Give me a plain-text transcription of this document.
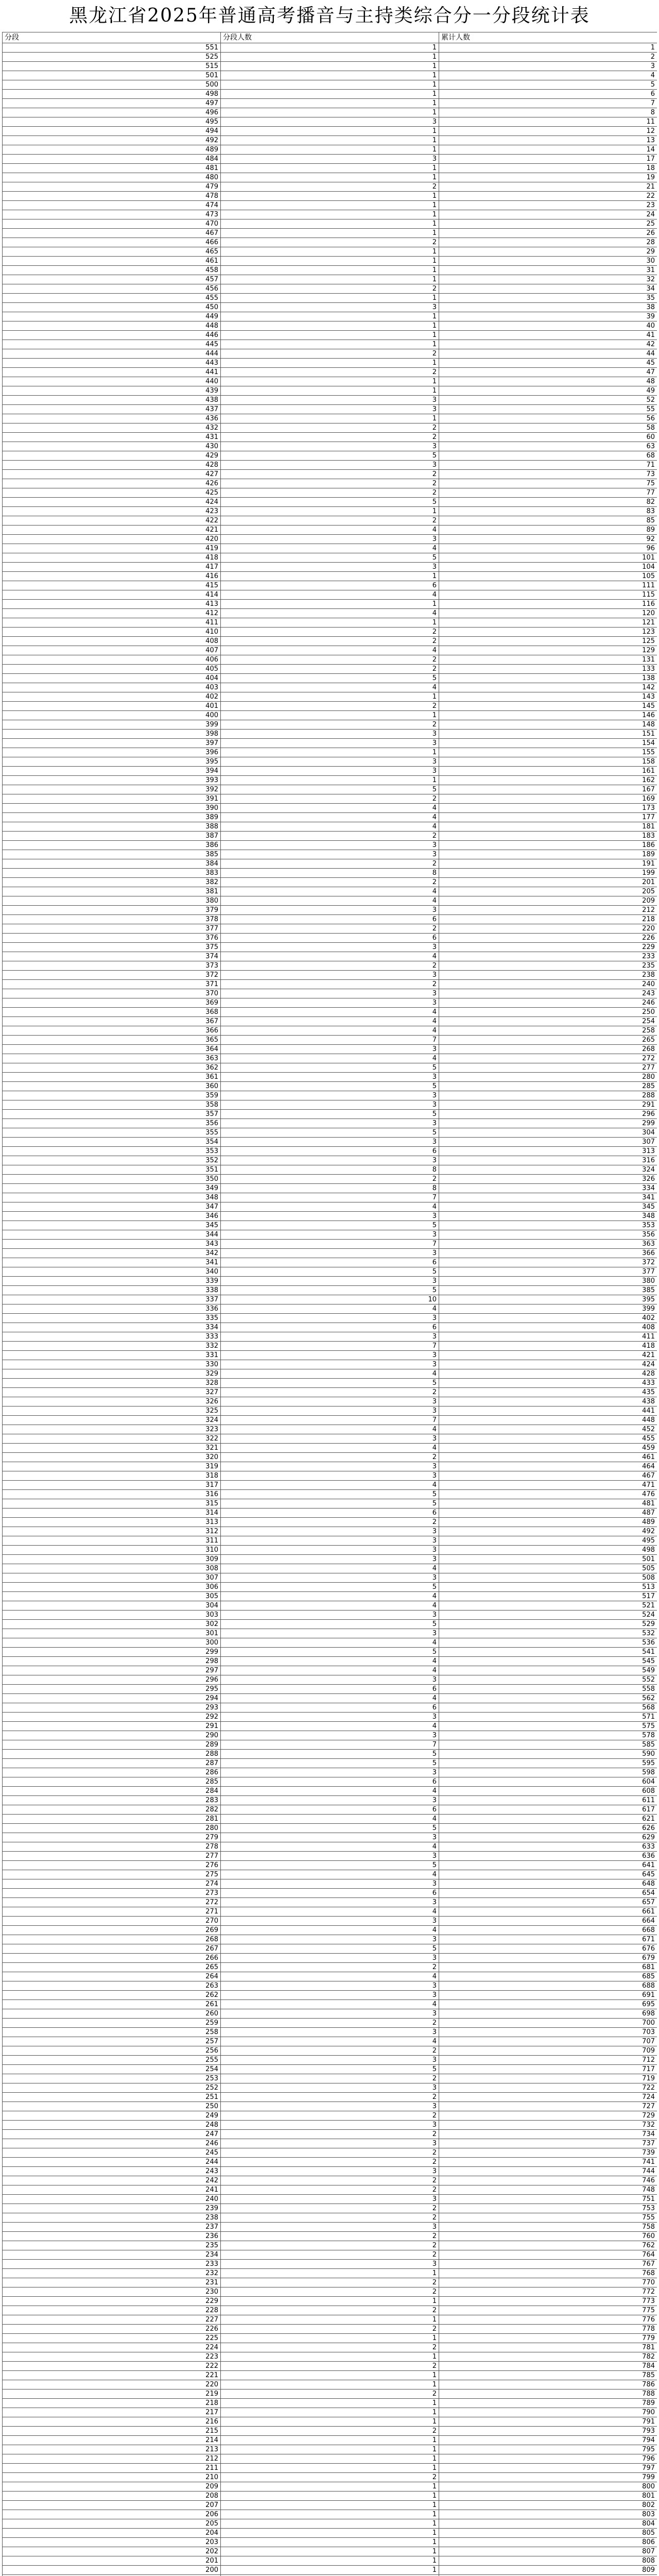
黑龙江省2025年普通高考播音与主持类综合分一分段统计表
分段	分段人数	累计人数
551	1	1
525	1	2
515	1	3
501	1	4
500	1	5
498	1	6
497	1	7
496	1	8
495	3	11
494	1	12
492	1	13
489	1	14
484	3	17
481	1	18
480	1	19
479	2	21
478	1	22
474	1	23
473	1	24
470	1	25
467	1	26
466	2	28
465	1	29
461	1	30
458	1	31
457	1	32
456	2	34
455	1	35
450	3	38
449	1	39
448	1	40
446	1	41
445	1	42
444	2	44
443	1	45
441	2	47
440	1	48
439	1	49
438	3	52
437	3	55
436	1	56
432	2	58
431	2	60
430	3	63
429	5	68
428	3	71
427	2	73
426	2	75
425	2	77
424	5	82
423	1	83
422	2	85
421	4	89
420	3	92
419	4	96
418	5	101
417	3	104
416	1	105
415	6	111
414	4	115
413	1	116
412	4	120
411	1	121
410	2	123
408	2	125
407	4	129
406	2	131
405	2	133
404	5	138
403	4	142
402	1	143
401	2	145
400	1	146
399	2	148
398	3	151
397	3	154
396	1	155
395	3	158
394	3	161
393	1	162
392	5	167
391	2	169
390	4	173
389	4	177
388	4	181
387	2	183
386	3	186
385	3	189
384	2	191
383	8	199
382	2	201
381	4	205
380	4	209
379	3	212
378	6	218
377	2	220
376	6	226
375	3	229
374	4	233
373	2	235
372	3	238
371	2	240
370	3	243
369	3	246
368	4	250
367	4	254
366	4	258
365	7	265
364	3	268
363	4	272
362	5	277
361	3	280
360	5	285
359	3	288
358	3	291
357	5	296
356	3	299
355	5	304
354	3	307
353	6	313
352	3	316
351	8	324
350	2	326
349	8	334
348	7	341
347	4	345
346	3	348
345	5	353
344	3	356
343	7	363
342	3	366
341	6	372
340	5	377
339	3	380
338	5	385
337	10	395
336	4	399
335	3	402
334	6	408
333	3	411
332	7	418
331	3	421
330	3	424
329	4	428
328	5	433
327	2	435
326	3	438
325	3	441
324	7	448
323	4	452
322	3	455
321	4	459
320	2	461
319	3	464
318	3	467
317	4	471
316	5	476
315	5	481
314	6	487
313	2	489
312	3	492
311	3	495
310	3	498
309	3	501
308	4	505
307	3	508
306	5	513
305	4	517
304	4	521
303	3	524
302	5	529
301	3	532
300	4	536
299	5	541
298	4	545
297	4	549
296	3	552
295	6	558
294	4	562
293	6	568
292	3	571
291	4	575
290	3	578
289	7	585
288	5	590
287	5	595
286	3	598
285	6	604
284	4	608
283	3	611
282	6	617
281	4	621
280	5	626
279	3	629
278	4	633
277	3	636
276	5	641
275	4	645
274	3	648
273	6	654
272	3	657
271	4	661
270	3	664
269	4	668
268	3	671
267	5	676
266	3	679
265	2	681
264	4	685
263	3	688
262	3	691
261	4	695
260	3	698
259	2	700
258	3	703
257	4	707
256	2	709
255	3	712
254	5	717
253	2	719
252	3	722
251	2	724
250	3	727
249	2	729
248	3	732
247	2	734
246	3	737
245	2	739
244	2	741
243	3	744
242	2	746
241	2	748
240	3	751
239	2	753
238	2	755
237	3	758
236	2	760
235	2	762
234	2	764
233	3	767
232	1	768
231	2	770
230	2	772
229	1	773
228	2	775
227	1	776
226	2	778
225	1	779
224	2	781
223	1	782
222	2	784
221	1	785
220	1	786
219	2	788
218	1	789
217	1	790
216	1	791
215	2	793
214	1	794
213	1	795
212	1	796
211	1	797
210	2	799
209	1	800
208	1	801
207	1	802
206	1	803
205	1	804
204	1	805
203	1	806
202	1	807
201	1	808
200	1	809
